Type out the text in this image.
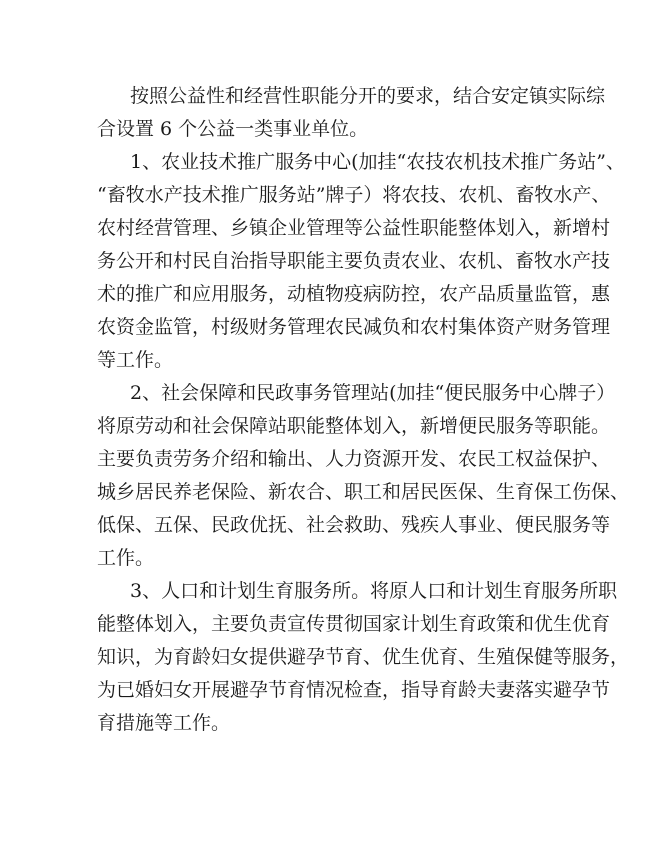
按照公益性和经营性职能分开的要求，结合安定镇实际综
合设置 6 个公益一类事业单位。
1、农业技术推广服务中心(加挂“农技农机技术推广务站”、
“畜牧水产技术推广服务站”牌子）将农技、农机、畜牧水产、
农村经营管理、乡镇企业管理等公益性职能整体划入，新增村
务公开和村民自治指导职能主要负责农业、农机、畜牧水产技
术的推广和应用服务，动植物疫病防控，农产品质量监管，惠
农资金监管，村级财务管理农民减负和农村集体资产财务管理
等工作。
2、社会保障和民政事务管理站(加挂“便民服务中心牌子）
将原劳动和社会保障站职能整体划入，新增便民服务等职能。
主要负责劳务介绍和输出、人力资源开发、农民工权益保护、
城乡居民养老保险、新农合、职工和居民医保、生育保工伤保、
低保、五保、民政优抚、社会救助、残疾人事业、便民服务等
工作。
3、人口和计划生育服务所。将原人口和计划生育服务所职
能整体划入，主要负责宣传贯彻国家计划生育政策和优生优育
知识，为育龄妇女提供避孕节育、优生优育、生殖保健等服务，
为已婚妇女开展避孕节育情况检查，指导育龄夫妻落实避孕节
育措施等工作。
